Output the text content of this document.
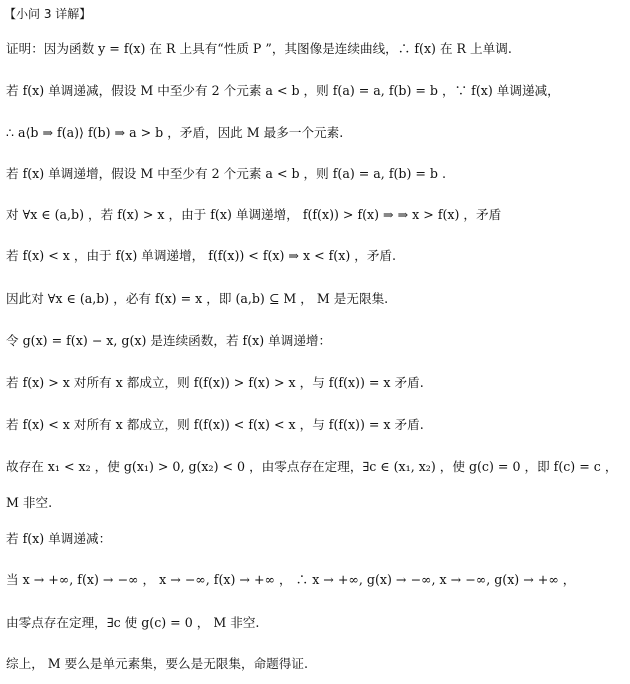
【小问 3 详解】
证明：因为函数 y = f(x) 在 R 上具有“性质 P ”，其图像是连续曲线，∴ f(x) 在 R 上单调.
若 f(x) 单调递减，假设 M 中至少有 2 个元素 a < b ，则 f(a) = a, f(b) = b ，∵ f(x) 单调递减，
∴ a⟨b ⇒ f(a)⟩ f(b) ⇒ a > b ，矛盾，因此 M 最多一个元素.
若 f(x) 单调递增，假设 M 中至少有 2 个元素 a < b ，则 f(a) = a, f(b) = b .
对 ∀x ∈ (a,b) ，若 f(x) > x ，由于 f(x) 单调递增， f(f(x)) > f(x) ⇒ ⇒ x > f(x) ，矛盾
若 f(x) < x ，由于 f(x) 单调递增， f(f(x)) < f(x) ⇒ x < f(x) ，矛盾.
因此对 ∀x ∈ (a,b) ，必有 f(x) = x ，即 (a,b) ⊆ M ， M 是无限集.
令 g(x) = f(x) − x, g(x) 是连续函数，若 f(x) 单调递增：
若 f(x) > x 对所有 x 都成立，则 f(f(x)) > f(x) > x ，与 f(f(x)) = x 矛盾.
若 f(x) < x 对所有 x 都成立，则 f(f(x)) < f(x) < x ，与 f(f(x)) = x 矛盾.
故存在 x₁ < x₂ ，使 g(x₁) > 0, g(x₂) < 0 ，由零点存在定理，∃c ∈ (x₁, x₂) ，使 g(c) = 0 ，即 f(c) = c ，
M 非空.
若 f(x) 单调递减：
当 x → +∞, f(x) → −∞ ， x → −∞, f(x) → +∞ ， ∴ x → +∞, g(x) → −∞, x → −∞, g(x) → +∞ ，
由零点存在定理，∃c 使 g(c) = 0 ， M 非空.
综上， M 要么是单元素集，要么是无限集，命题得证.
